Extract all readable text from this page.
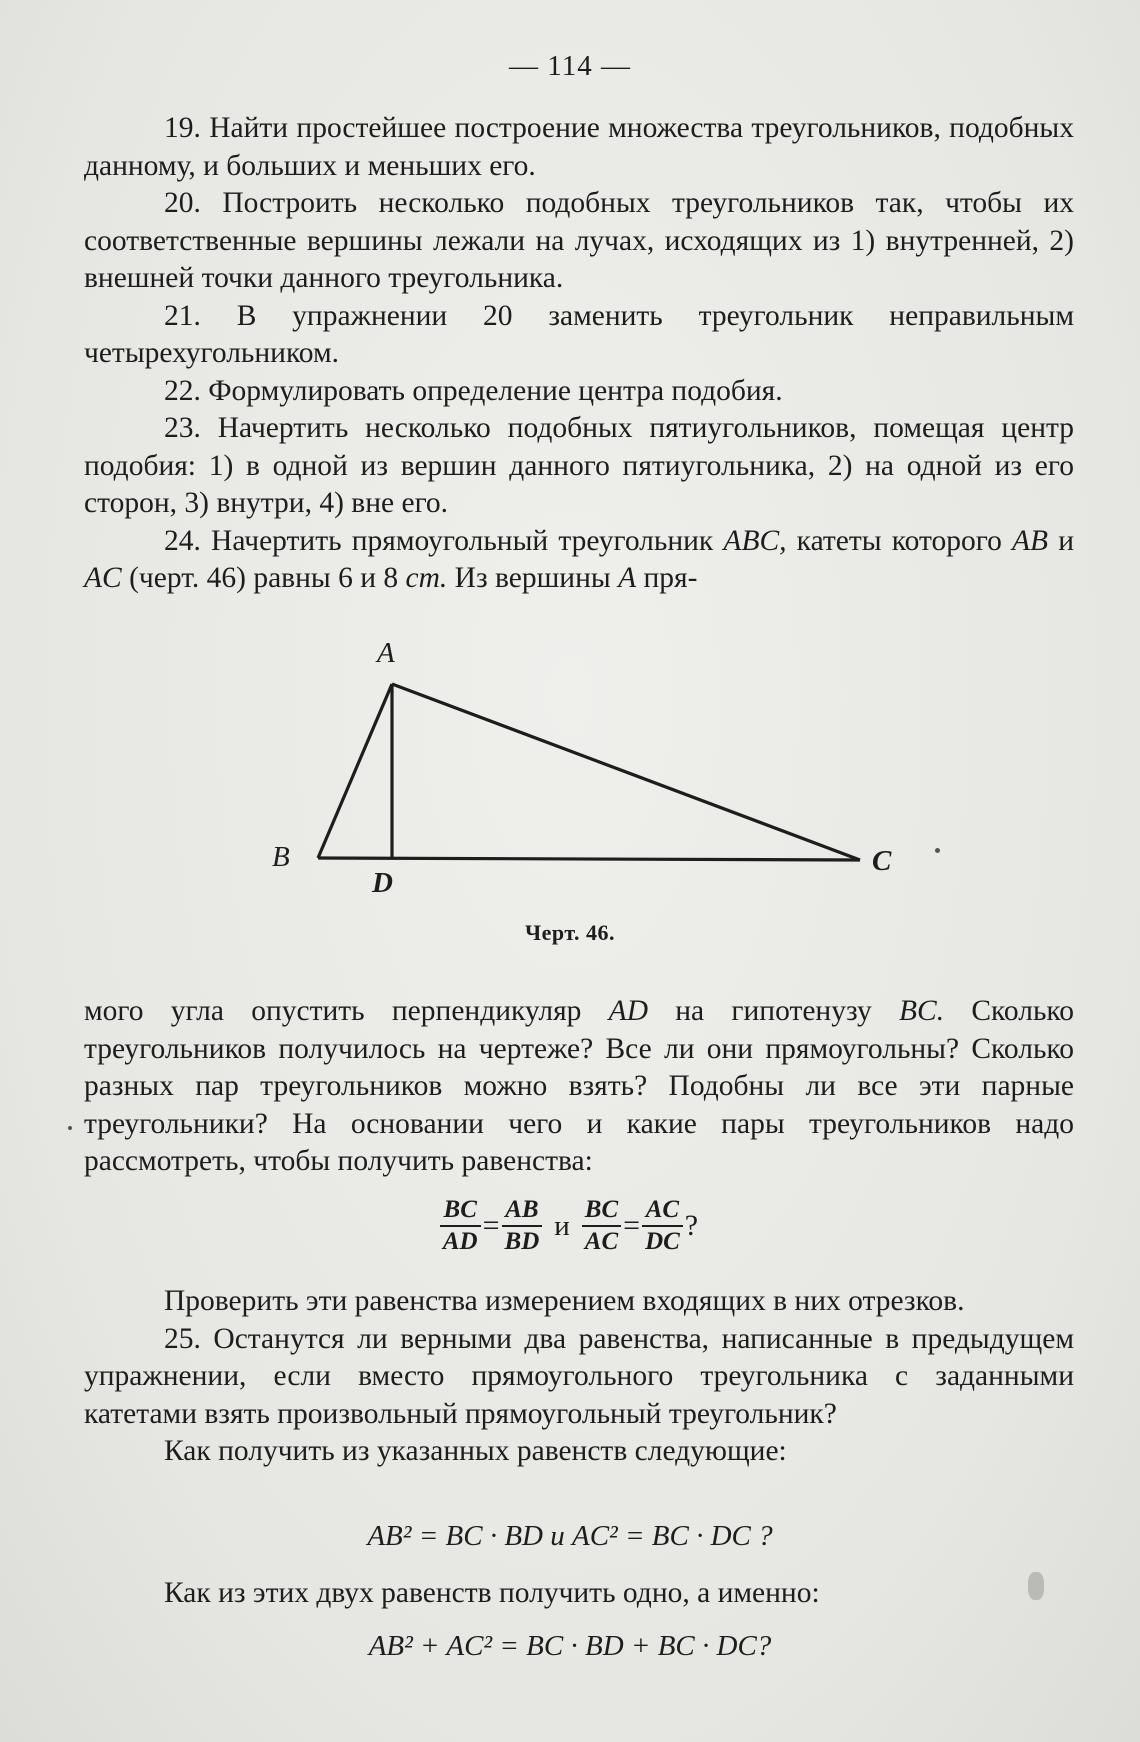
— 114 —

19. Найти простейшее построение множества треугольников, подобных данному, и больших и меньших его.

20. Построить несколько подобных треугольников так, чтобы их соответственные вершины лежали на лучах, исходящих из 1) внутренней, 2) внешней точки данного треугольника.

21. В упражнении 20 заменить треугольник неправильным четырехугольником.

22. Формулировать определение центра подобия.

23. Начертить несколько подобных пятиугольников, помещая центр подобия: 1) в одной из вершин данного пятиугольника, 2) на одной из его сторон, 3) внутри, 4) вне его.

24. Начертить прямоугольный треугольник ABC, катеты которого AB и AC (черт. 46) равны 6 и 8 cm. Из вершины A пря-

A
B	C
D
Черт. 46.

мого угла опустить перпендикуляр AD на гипотенузу BC. Сколько треугольников получилось на чертеже? Все ли они прямоугольны? Сколько разных пар треугольников можно взять? Подобны ли все эти парные треугольники? На основании чего и какие пары треугольников надо рассмотреть, чтобы получить равенства:

$\frac{BC}{AD} = \frac{AB}{BD}$ и $\frac{BC}{AC} = \frac{AC}{DC}$ ?

Проверить эти равенства измерением входящих в них отрезков.

25. Останутся ли верными два равенства, написанные в предыдущем упражнении, если вместо прямоугольного треугольника с заданными катетами взять произвольный прямоугольный треугольник?

Как получить из указанных равенств следующие:

AB² = BC · BD и AC² = BC · DC ?

Как из этих двух равенств получить одно, а именно:

AB² + AC² = BC · BD + BC · DC?
